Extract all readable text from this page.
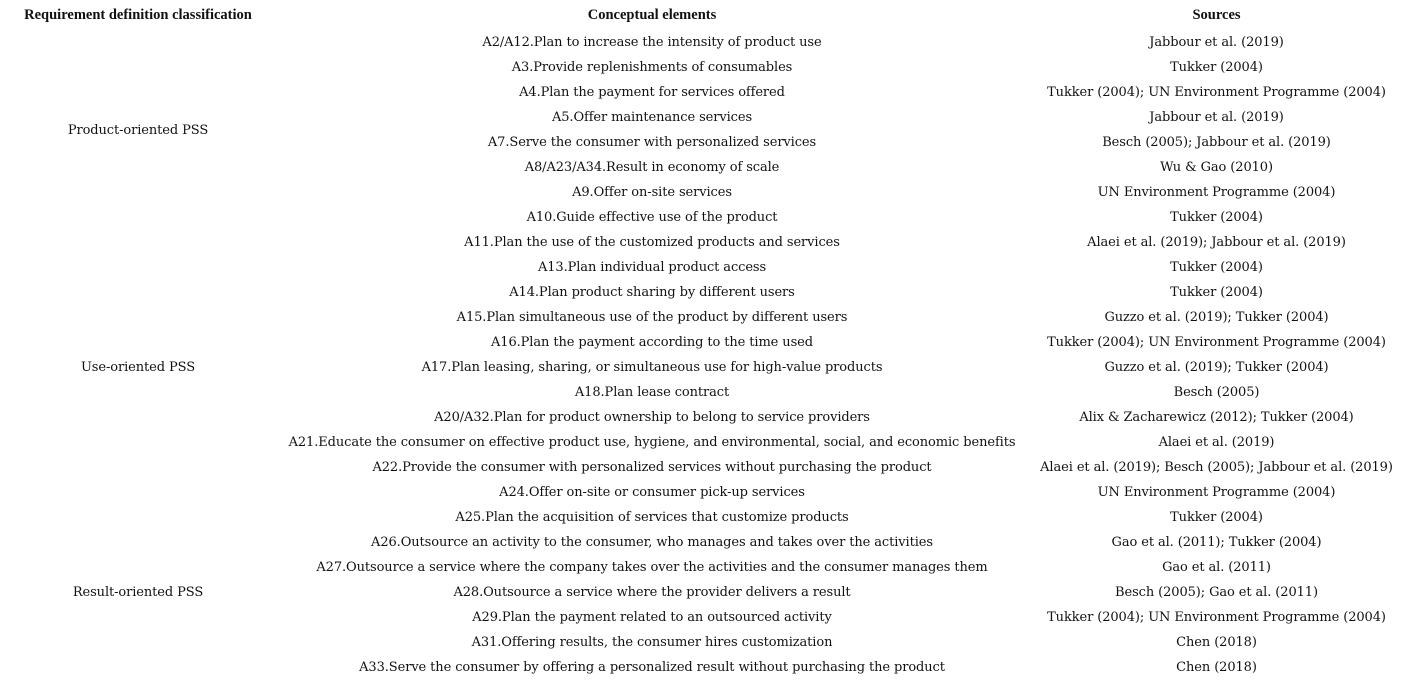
Requirement definition classification	Conceptual elements	Sources
Product-oriented PSS	A2/A12.Plan to increase the intensity of product use	Jabbour et al. (2019)
	A3.Provide replenishments of consumables	Tukker (2004)
	A4.Plan the payment for services offered	Tukker (2004); UN Environment Programme (2004)
	A5.Offer maintenance services	Jabbour et al. (2019)
	A7.Serve the consumer with personalized services	Besch (2005); Jabbour et al. (2019)
	A8/A23/A34.Result in economy of scale	Wu & Gao (2010)
	A9.Offer on-site services	UN Environment Programme (2004)
	A10.Guide effective use of the product	Tukker (2004)
Use-oriented PSS	A11.Plan the use of the customized products and services	Alaei et al. (2019); Jabbour et al. (2019)
	A13.Plan individual product access	Tukker (2004)
	A14.Plan product sharing by different users	Tukker (2004)
	A15.Plan simultaneous use of the product by different users	Guzzo et al. (2019); Tukker (2004)
	A16.Plan the payment according to the time used	Tukker (2004); UN Environment Programme (2004)
	A17.Plan leasing, sharing, or simultaneous use for high-value products	Guzzo et al. (2019); Tukker (2004)
	A18.Plan lease contract	Besch (2005)
	A20/A32.Plan for product ownership to belong to service providers	Alix & Zacharewicz (2012); Tukker (2004)
	A21.Educate the consumer on effective product use, hygiene, and environmental, social, and economic benefits	Alaei et al. (2019)
	A22.Provide the consumer with personalized services without purchasing the product	Alaei et al. (2019); Besch (2005); Jabbour et al. (2019)
	A24.Offer on-site or consumer pick-up services	UN Environment Programme (2004)
Result-oriented PSS	A25.Plan the acquisition of services that customize products	Tukker (2004)
	A26.Outsource an activity to the consumer, who manages and takes over the activities	Gao et al. (2011); Tukker (2004)
	A27.Outsource a service where the company takes over the activities and the consumer manages them	Gao et al. (2011)
	A28.Outsource a service where the provider delivers a result	Besch (2005); Gao et al. (2011)
	A29.Plan the payment related to an outsourced activity	Tukker (2004); UN Environment Programme (2004)
	A31.Offering results, the consumer hires customization	Chen (2018)
	A33.Serve the consumer by offering a personalized result without purchasing the product	Chen (2018)
